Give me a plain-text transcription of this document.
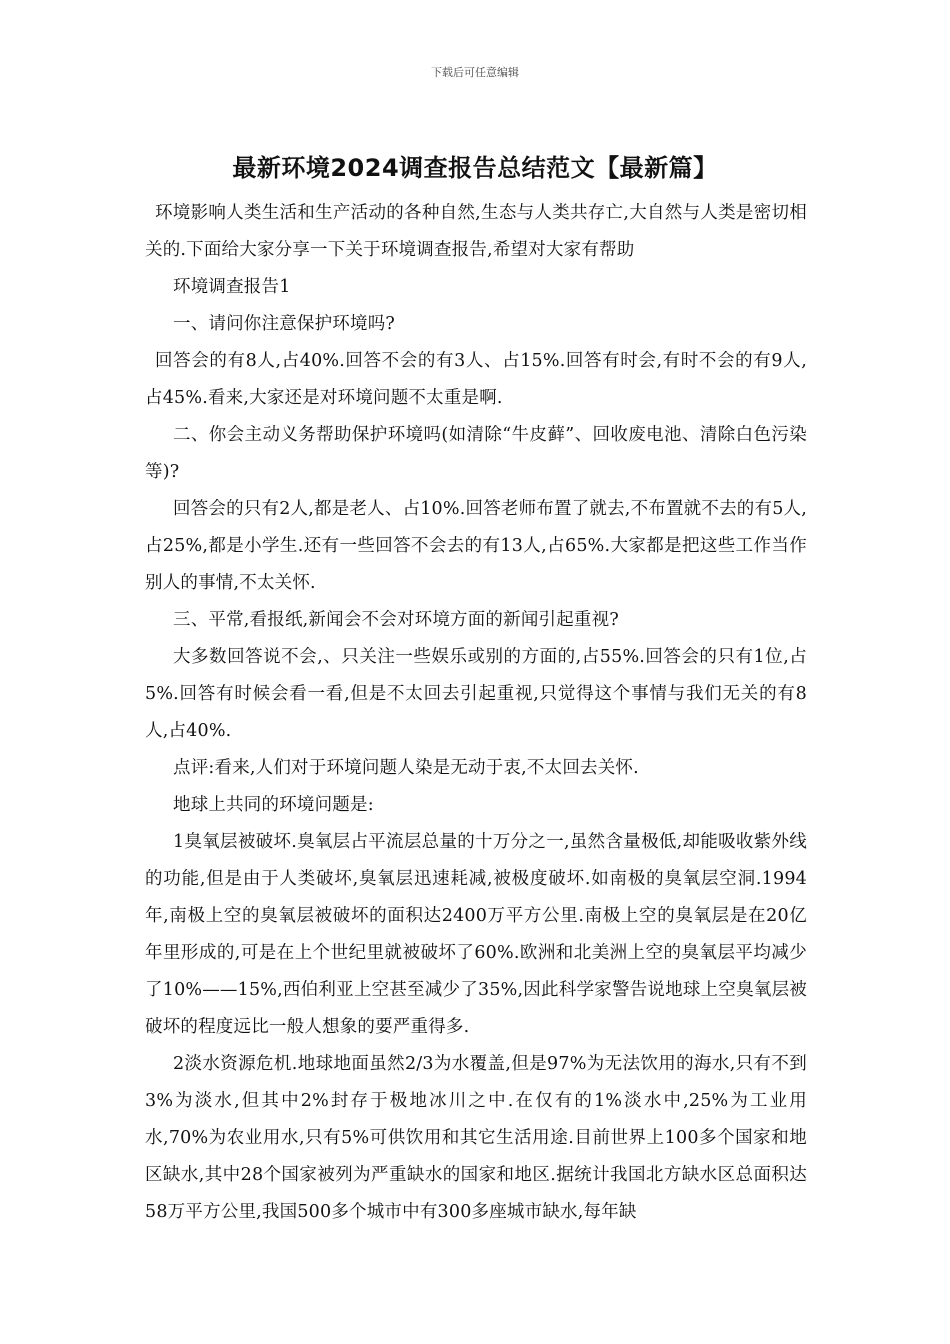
下载后可任意编辑
最新环境2024调查报告总结范文【最新篇】

环境影响人类生活和生产活动的各种自然,生态与人类共存亡,大自然与人类是密切相关的.下面给大家分享一下关于环境调查报告,希望对大家有帮助

环境调查报告1

一、请问你注意保护环境吗?

回答会的有8人,占40%.回答不会的有3人、占15%.回答有时会,有时不会的有9人,占45%.看来,大家还是对环境问题不太重是啊.

二、你会主动义务帮助保护环境吗(如清除“牛皮藓”、回收废电池、清除白色污染等)?

回答会的只有2人,都是老人、占10%.回答老师布置了就去,不布置就不去的有5人,占25%,都是小学生.还有一些回答不会去的有13人,占65%.大家都是把这些工作当作别人的事情,不太关怀.

三、平常,看报纸,新闻会不会对环境方面的新闻引起重视?

大多数回答说不会,、只关注一些娱乐或别的方面的,占55%.回答会的只有1位,占5%.回答有时候会看一看,但是不太回去引起重视,只觉得这个事情与我们无关的有8人,占40%.

点评:看来,人们对于环境问题人染是无动于衷,不太回去关怀.

地球上共同的环境问题是:

1臭氧层被破坏.臭氧层占平流层总量的十万分之一,虽然含量极低,却能吸收紫外线的功能,但是由于人类破坏,臭氧层迅速耗减,被极度破坏.如南极的臭氧层空洞.1994年,南极上空的臭氧层被破坏的面积达2400万平方公里.南极上空的臭氧层是在20亿年里形成的,可是在上个世纪里就被破坏了60%.欧洲和北美洲上空的臭氧层平均减少了10%——15%,西伯利亚上空甚至减少了35%,因此科学家警告说地球上空臭氧层被破坏的程度远比一般人想象的要严重得多.

2淡水资源危机.地球地面虽然2/3为水覆盖,但是97%为无法饮用的海水,只有不到3%为淡水,但其中2%封存于极地冰川之中.在仅有的1%淡水中,25%为工业用水,70%为农业用水,只有5%可供饮用和其它生活用途.目前世界上100多个国家和地区缺水,其中28个国家被列为严重缺水的国家和地区.据统计我国北方缺水区总面积达58万平方公里,我国500多个城市中有300多座城市缺水,每年缺
